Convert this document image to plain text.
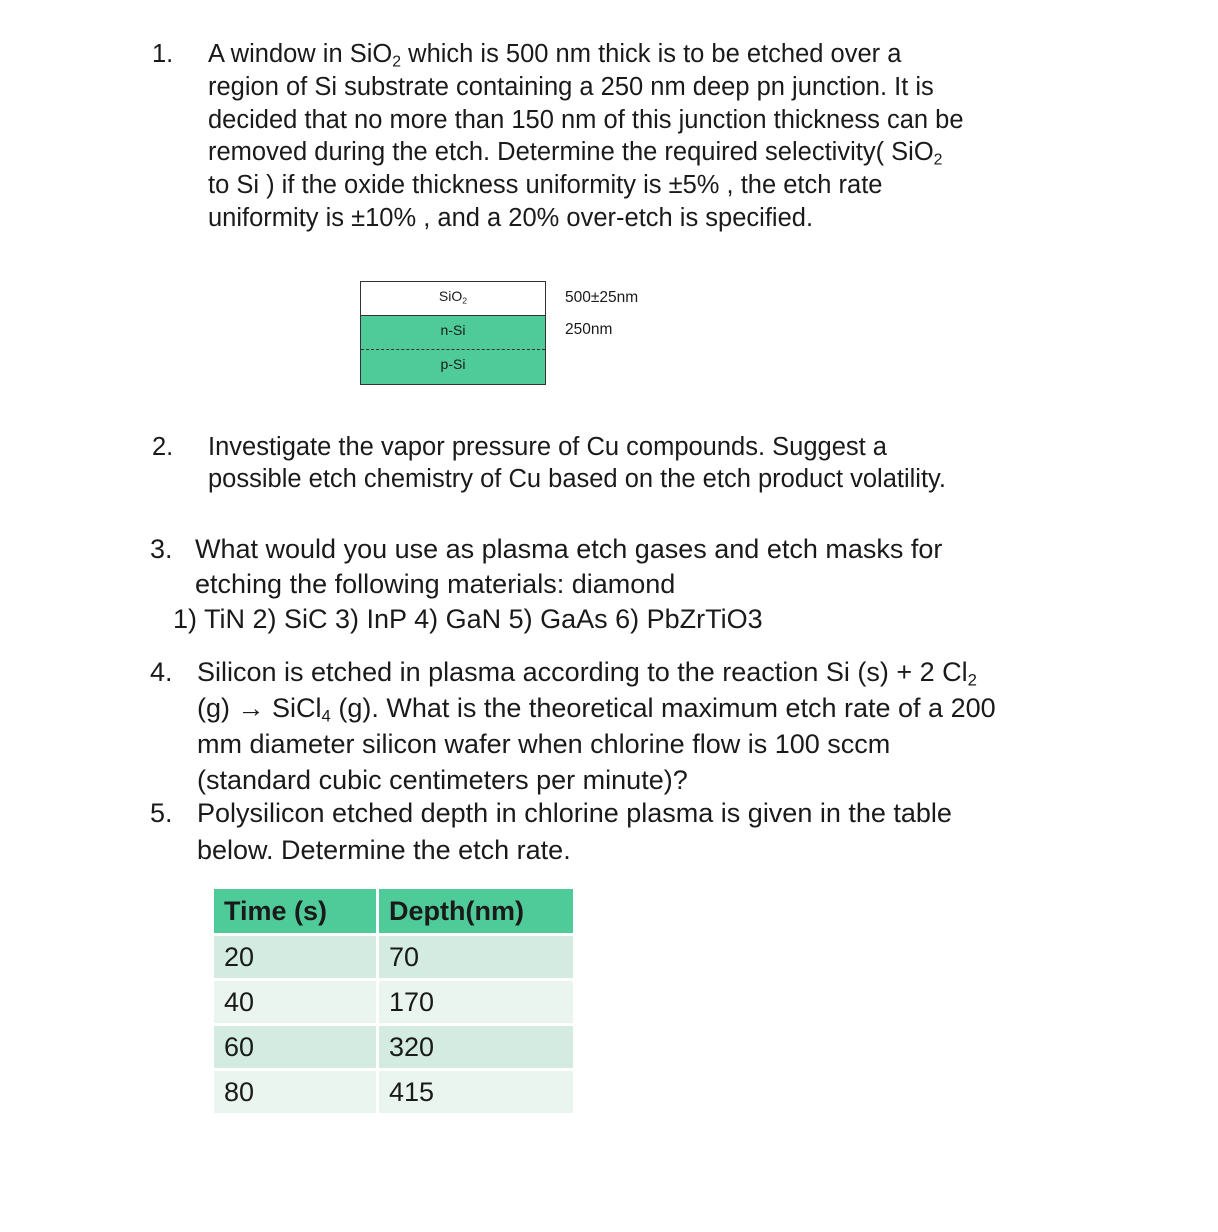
1. A window in SiO$_2$ which is 500 nm thick is to be etched over a
region of Si substrate containing a 250 nm deep pn junction. It is
decided that no more than 150 nm of this junction thickness can be
removed during the etch. Determine the required selectivity( SiO$_2$
to Si ) if the oxide thickness uniformity is ±5% , the etch rate
uniformity is ±10% , and a 20% over-etch is specified.
SiO$_2$
n-Si
p-Si
500±25nm
250nm
2. Investigate the vapor pressure of Cu compounds. Suggest a
possible etch chemistry of Cu based on the etch product volatility.
3. What would you use as plasma etch gases and etch masks for
etching the following materials: diamond
1) TiN 2) SiC 3) InP 4) GaN 5) GaAs 6) PbZrTiO3
4. Silicon is etched in plasma according to the reaction Si (s) + 2 $Cl_2$
(g) → SiCl$_4$ (g). What is the theoretical maximum etch rate of a 200
mm diameter silicon wafer when chlorine flow is 100 sccm
(standard cubic centimeters per minute)?
5. Polysilicon etched depth in chlorine plasma is given in the table
below. Determine the etch rate.
Time (s)	Depth(nm)
20	70
40	170
60	320
80	415
